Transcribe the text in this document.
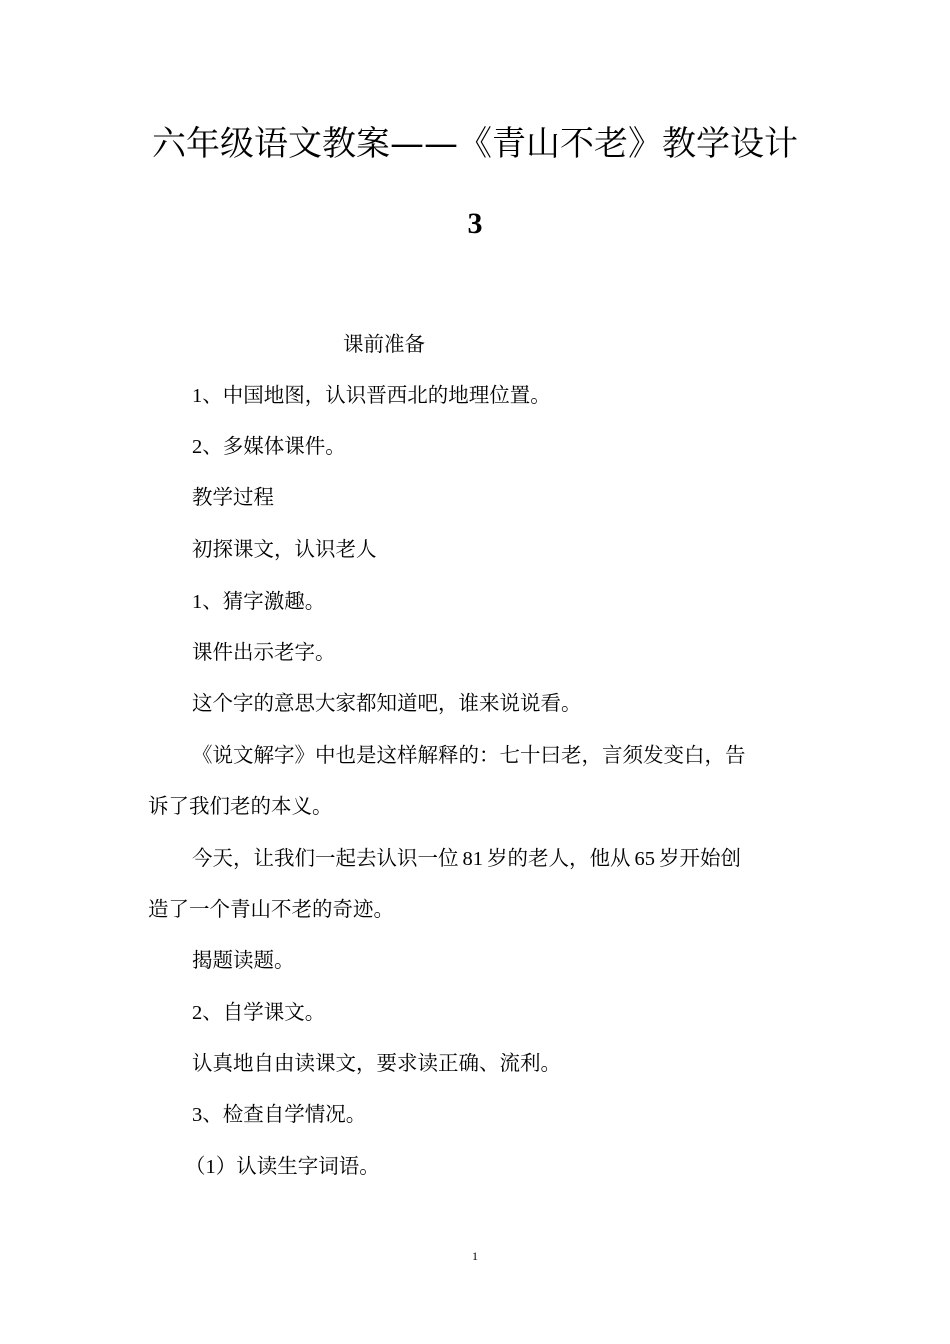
六年级语文教案——《青山不老》教学设计
3
课前准备
1、中国地图，认识晋西北的地理位置。
2、多媒体课件。
教学过程
初探课文，认识老人
1、猜字激趣。
课件出示老字。
这个字的意思大家都知道吧，谁来说说看。
《说文解字》中也是这样解释的：七十曰老，言须发变白，告
诉了我们老的本义。
今天，让我们一起去认识一位 81 岁的老人，他从 65 岁开始创
造了一个青山不老的奇迹。
揭题读题。
2、自学课文。
认真地自由读课文，要求读正确、流利。
3、检查自学情况。
（1）认读生字词语。
1
